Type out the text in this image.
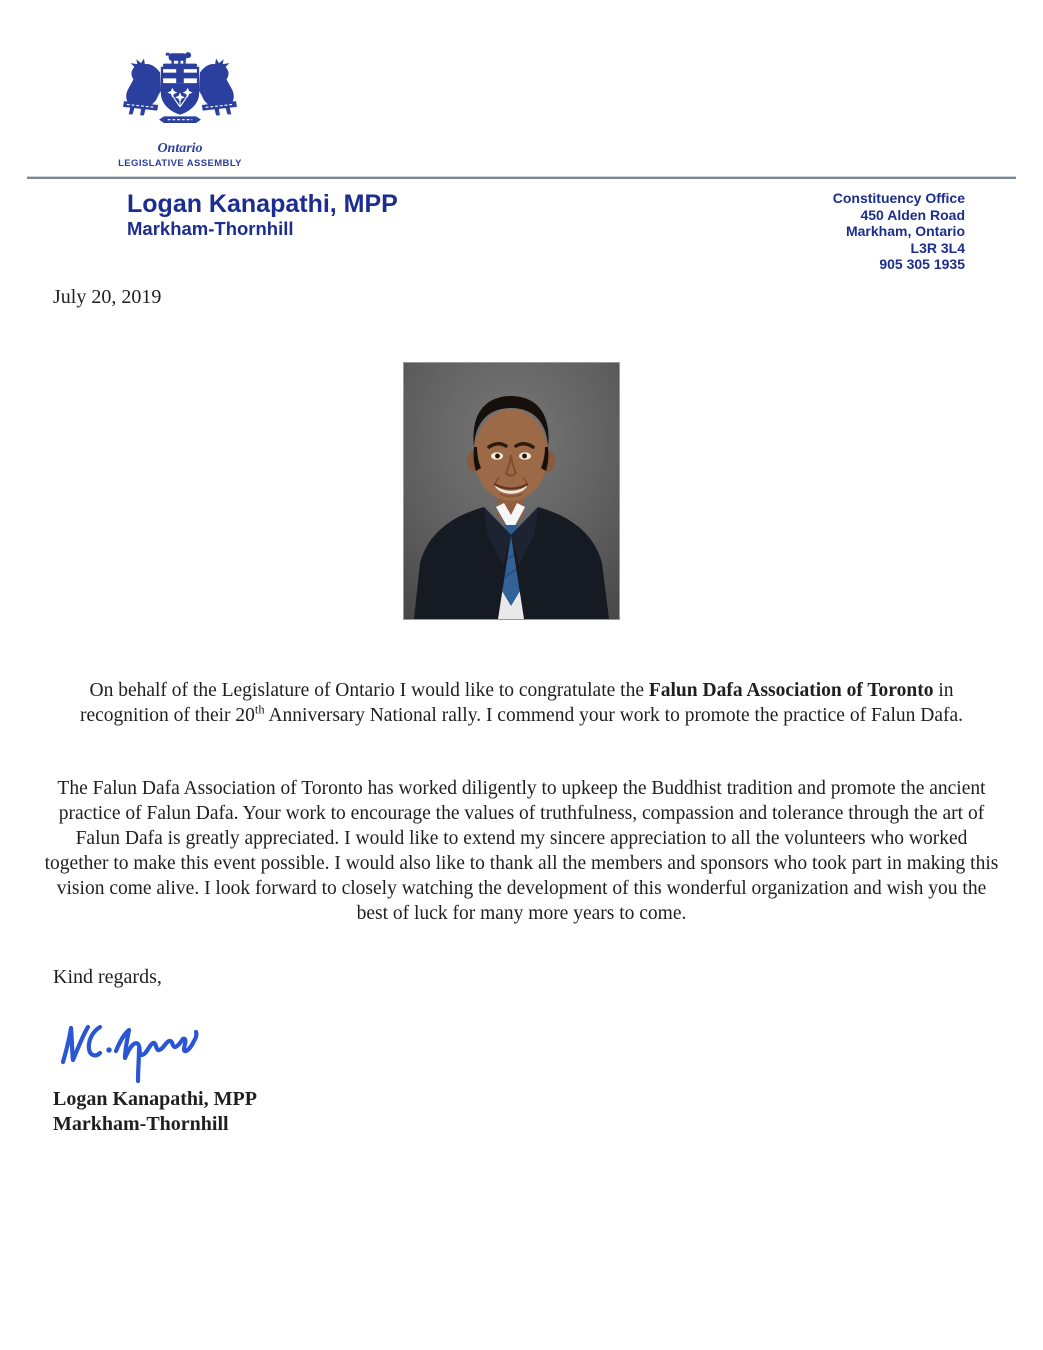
Ontario
LEGISLATIVE ASSEMBLY
Logan Kanapathi, MPP
Markham-Thornhill
Constituency Office
450 Alden Road
Markham, Ontario
L3R 3L4
905 305 1935
July 20, 2019

On behalf of the Legislature of Ontario I would like to congratulate the Falun Dafa Association of Toronto in recognition of their 20th Anniversary National rally. I commend your work to promote the practice of Falun Dafa.

The Falun Dafa Association of Toronto has worked diligently to upkeep the Buddhist tradition and promote the ancient practice of Falun Dafa. Your work to encourage the values of truthfulness, compassion and tolerance through the art of Falun Dafa is greatly appreciated. I would like to extend my sincere appreciation to all the volunteers who worked together to make this event possible. I would also like to thank all the members and sponsors who took part in making this vision come alive. I look forward to closely watching the development of this wonderful organization and wish you the best of luck for many more years to come.

Kind regards,
Logan Kanapathi, MPP
Markham-Thornhill
